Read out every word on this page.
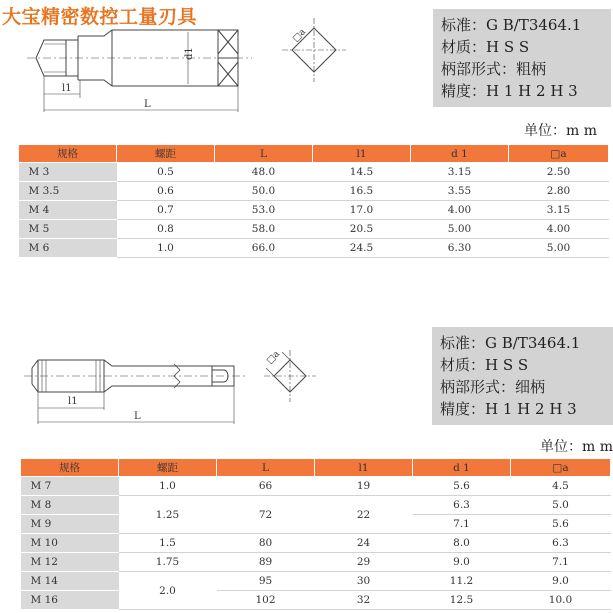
大宝精密数控工量刃具
l1
L
d1
□a
标准：G B/T3464.1
材质：H S S
柄部形式：粗柄
精度：H 1 H 2 H 3
单位：m m
规格	螺距	L	l1	d 1	□a
M 3	0.5	48.0	14.5	3.15	2.50
M 3.5	0.6	50.0	16.5	3.55	2.80
M 4	0.7	53.0	17.0	4.00	3.15
M 5	0.8	58.0	20.5	5.00	4.00
M 6	1.0	66.0	24.5	6.30	5.00
l1
L
□a
标准：G B/T3464.1
材质：H S S
柄部形式：细柄
精度：H 1 H 2 H 3
单位：m m
规格	螺距	L	l1	d 1	□a
M 7	1.0	66	19	5.6	4.5
M 8	1.25	72	22	6.3	5.0
M 9				7.1	5.6
M 10	1.5	80	24	8.0	6.3
M 12	1.75	89	29	9.0	7.1
M 14	2.0	95	30	11.2	9.0
M 16		102	32	12.5	10.0
